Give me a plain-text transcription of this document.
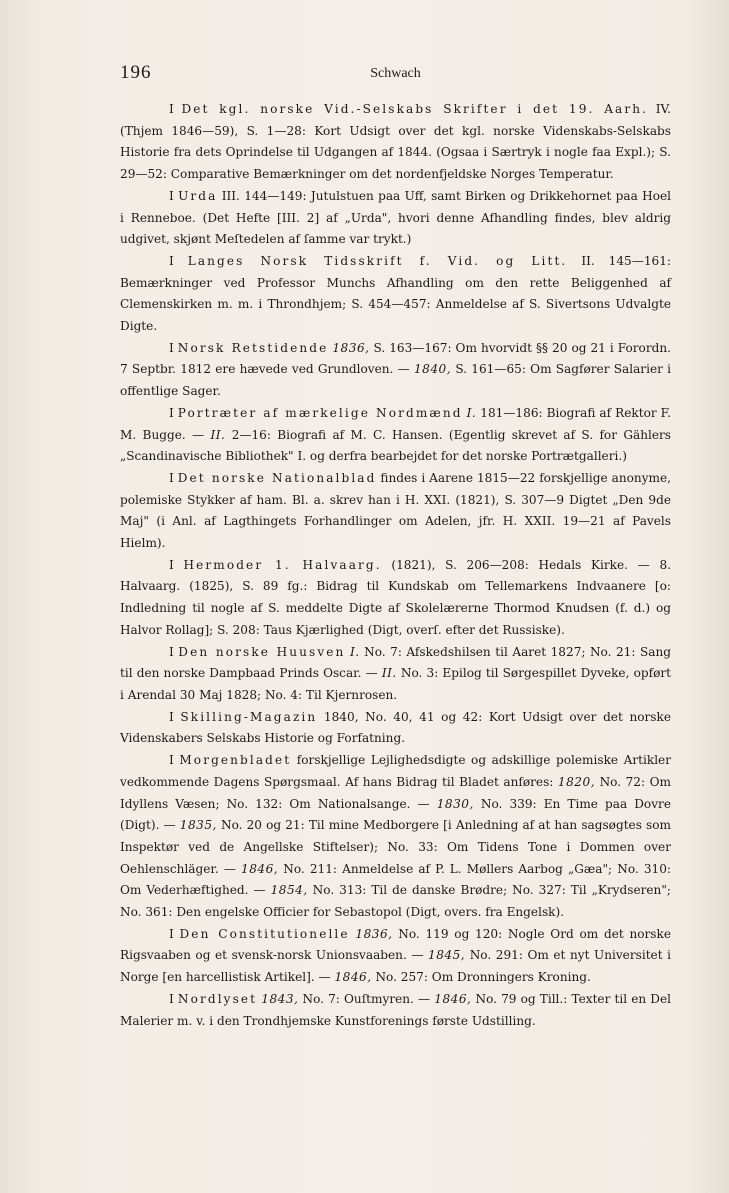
196	Schwach

I Det kgl. norske Vid.-Selskabs Skrifter i det 19. Aarh. IV. (Thjem 1846—59), S. 1—28: Kort Udsigt over det kgl. norske Videnskabs-Selskabs Historie fra dets Oprindelse til Udgangen af 1844. (Ogsaa i Særtryk i nogle faa Expl.); S. 29—52: Comparative Bemærkninger om det nordenfjeldske Norges Temperatur.

I Urda III. 144—149: Jutulstuen paa Uff, samt Birken og Drikkehornet paa Hoel i Renneboe. (Det Hefte [III. 2] af „Urda", hvori denne Afhandling findes, blev aldrig udgivet, skjønt Meſtedelen af ſamme var trykt.)

I Langes Norsk Tidsskrift f. Vid. og Litt. II. 145—161: Bemærkninger ved Professor Munchs Afhandling om den rette Beliggenhed af Clemenskirken m. m. i Throndhjem; S. 454—457: Anmeldelse af S. Sivertsons Udvalgte Digte.

I Norsk Retstidende 1836, S. 163—167: Om hvorvidt §§ 20 og 21 i Forordn. 7 Septbr. 1812 ere hævede ved Grundloven. — 1840, S. 161—65: Om Sagfører Salarier i offentlige Sager.

I Portræter af mærkelige Nordmænd I. 181—186: Biografi af Rektor F. M. Bugge. — II. 2—16: Biografi af M. C. Hansen. (Egentlig skrevet af S. for Gählers „Scandinavische Bibliothek" I. og derfra bearbejdet for det norske Portrætgalleri.)

I Det norske Nationalblad findes i Aarene 1815—22 forskjellige anonyme, polemiske Stykker af ham. Bl. a. skrev han i H. XXI. (1821), S. 307—9 Digtet „Den 9de Maj" (i Anl. af Lagthingets Forhandlinger om Adelen, jfr. H. XXII. 19—21 af Pavels Hielm).

I Hermoder 1. Halvaarg. (1821), S. 206—208: Hedals Kirke. — 8. Halvaarg. (1825), S. 89 fg.: Bidrag til Kundskab om Tellemarkens Indvaanere [o: Indledning til nogle af S. meddelte Digte af Skolelærerne Thormod Knudsen (f. d.) og Halvor Rollag]; S. 208: Taus Kjærlighed (Digt, overſ. efter det Russiske).

I Den norske Huusven I. No. 7: Afskedshilsen til Aaret 1827; No. 21: Sang til den norske Dampbaad Prinds Oscar. — II. No. 3: Epilog til Sørgespillet Dyveke, opført i Arendal 30 Maj 1828; No. 4: Til Kjernrosen.

I Skilling-Magazin 1840, No. 40, 41 og 42: Kort Udsigt over det norske Videnskabers Selskabs Historie og Forfatning.

I Morgenbladet forskjellige Lejlighedsdigte og adskillige polemiske Artikler vedkommende Dagens Spørgsmaal. Af hans Bidrag til Bladet anføres: 1820, No. 72: Om Idyllens Væsen; No. 132: Om Nationalsange. — 1830, No. 339: En Time paa Dovre (Digt). — 1835, No. 20 og 21: Til mine Medborgere [i Anledning af at han sagsøgtes som Inspektør ved de Angellske Stiftelser); No. 33: Om Tidens Tone i Dommen over Oehlenschläger. — 1846, No. 211: Anmeldelse af P. L. Møllers Aarbog „Gæa"; No. 310: Om Vederhæftighed. — 1854, No. 313: Til de danske Brødre; No. 327: Til „Krydseren"; No. 361: Den engelske Officier for Sebastopol (Digt, overs. fra Engelsk).

I Den Constitutionelle 1836, No. 119 og 120: Nogle Ord om det norske Rigsvaaben og et svensk-norsk Unionsvaaben. — 1845, No. 291: Om et nyt Universitet i Norge [en harcellistisk Artikel]. — 1846, No. 257: Om Dronningers Kroning.

I Nordlyset 1843, No. 7: Ouſtmyren. — 1846, No. 79 og Till.: Texter til en Del Malerier m. v. i den Trondhjemske Kunstforenings første Udstilling.
